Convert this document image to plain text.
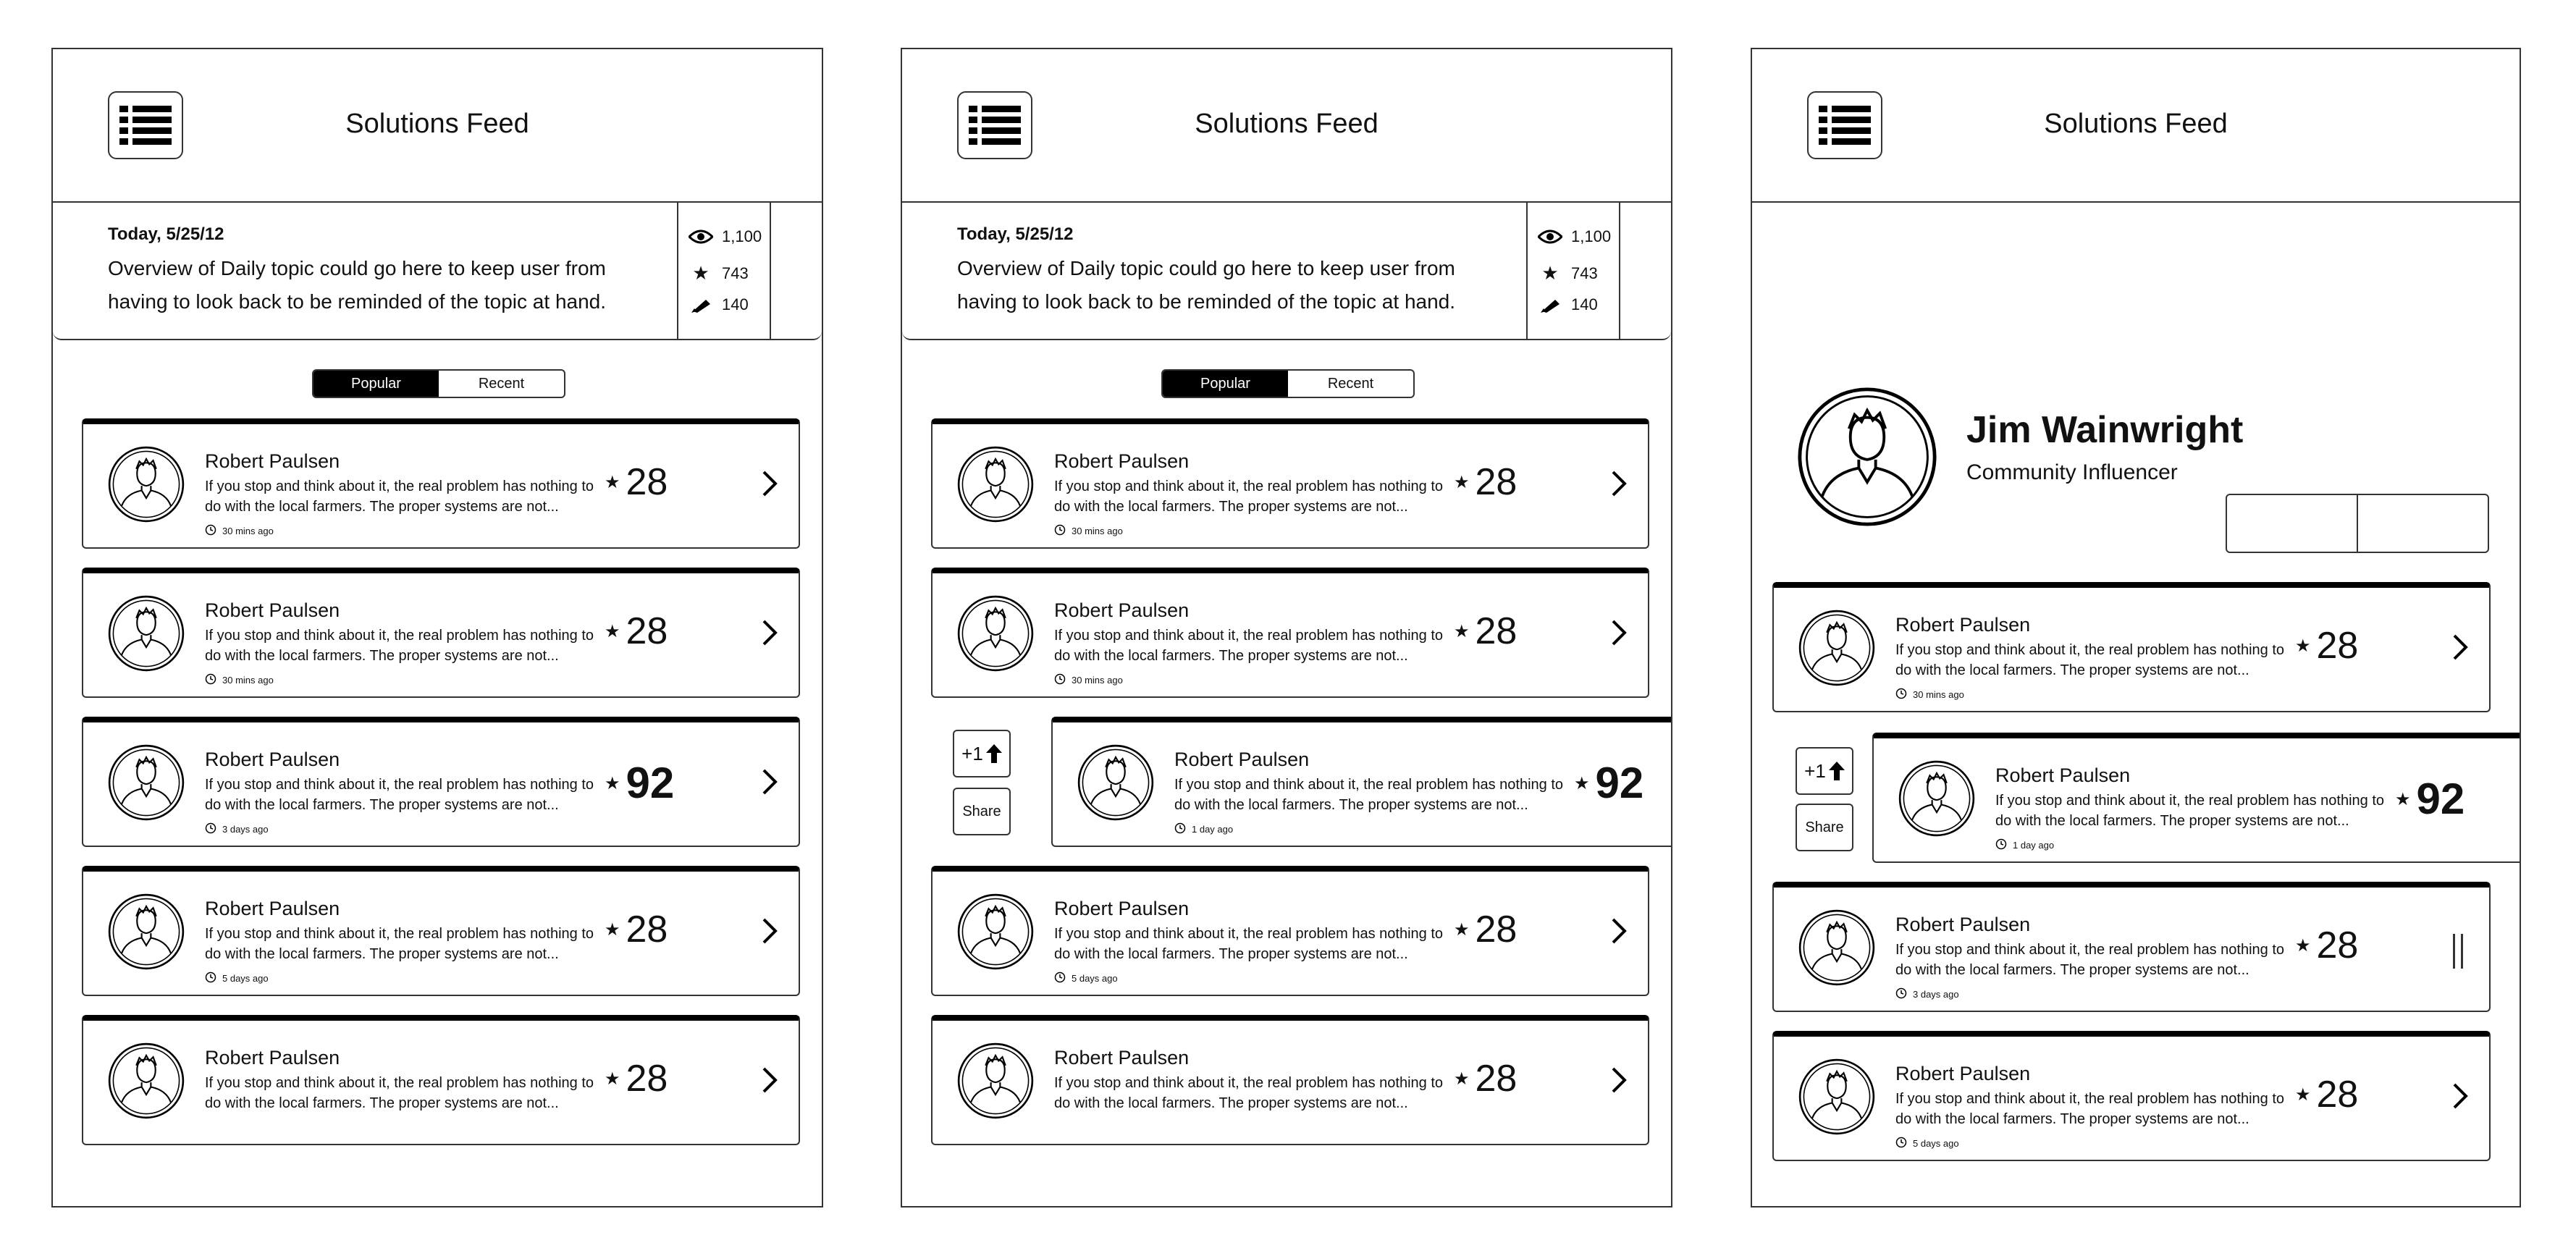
Solutions Feed
Today, 5/25/12
Overview of Daily topic could go here to keep user from having to look back to be reminded of the topic at hand.
1,100
★ 743
140
Popular	Recent
Robert Paulsen
If you stop and think about it, the real problem has nothing to do with the local farmers. The proper systems are not...
30 mins ago
★ 28
Robert Paulsen
If you stop and think about it, the real problem has nothing to do with the local farmers. The proper systems are not...
30 mins ago
★ 28
Robert Paulsen
If you stop and think about it, the real problem has nothing to do with the local farmers. The proper systems are not...
3 days ago
★ 92
Robert Paulsen
If you stop and think about it, the real problem has nothing to do with the local farmers. The proper systems are not...
5 days ago
★ 28
Robert Paulsen
If you stop and think about it, the real problem has nothing to do with the local farmers. The proper systems are not...
★ 28
Solutions Feed
Today, 5/25/12
Overview of Daily topic could go here to keep user from having to look back to be reminded of the topic at hand.
1,100
★ 743
140
Popular	Recent
+1
Share
Robert Paulsen
If you stop and think about it, the real problem has nothing to do with the local farmers. The proper systems are not...
30 mins ago
★ 28
Robert Paulsen
If you stop and think about it, the real problem has nothing to do with the local farmers. The proper systems are not...
30 mins ago
★ 28
Robert Paulsen
If you stop and think about it, the real problem has nothing to do with the local farmers. The proper systems are not...
1 day ago
★ 92
Robert Paulsen
If you stop and think about it, the real problem has nothing to do with the local farmers. The proper systems are not...
5 days ago
★ 28
Robert Paulsen
If you stop and think about it, the real problem has nothing to do with the local farmers. The proper systems are not...
★ 28
Solutions Feed
Jim Wainwright
Community Influencer
+1
Share
Robert Paulsen
If you stop and think about it, the real problem has nothing to do with the local farmers. The proper systems are not...
30 mins ago
★ 28
Robert Paulsen
If you stop and think about it, the real problem has nothing to do with the local farmers. The proper systems are not...
1 day ago
★ 92
Robert Paulsen
If you stop and think about it, the real problem has nothing to do with the local farmers. The proper systems are not...
3 days ago
★ 28
Robert Paulsen
If you stop and think about it, the real problem has nothing to do with the local farmers. The proper systems are not...
5 days ago
★ 28
